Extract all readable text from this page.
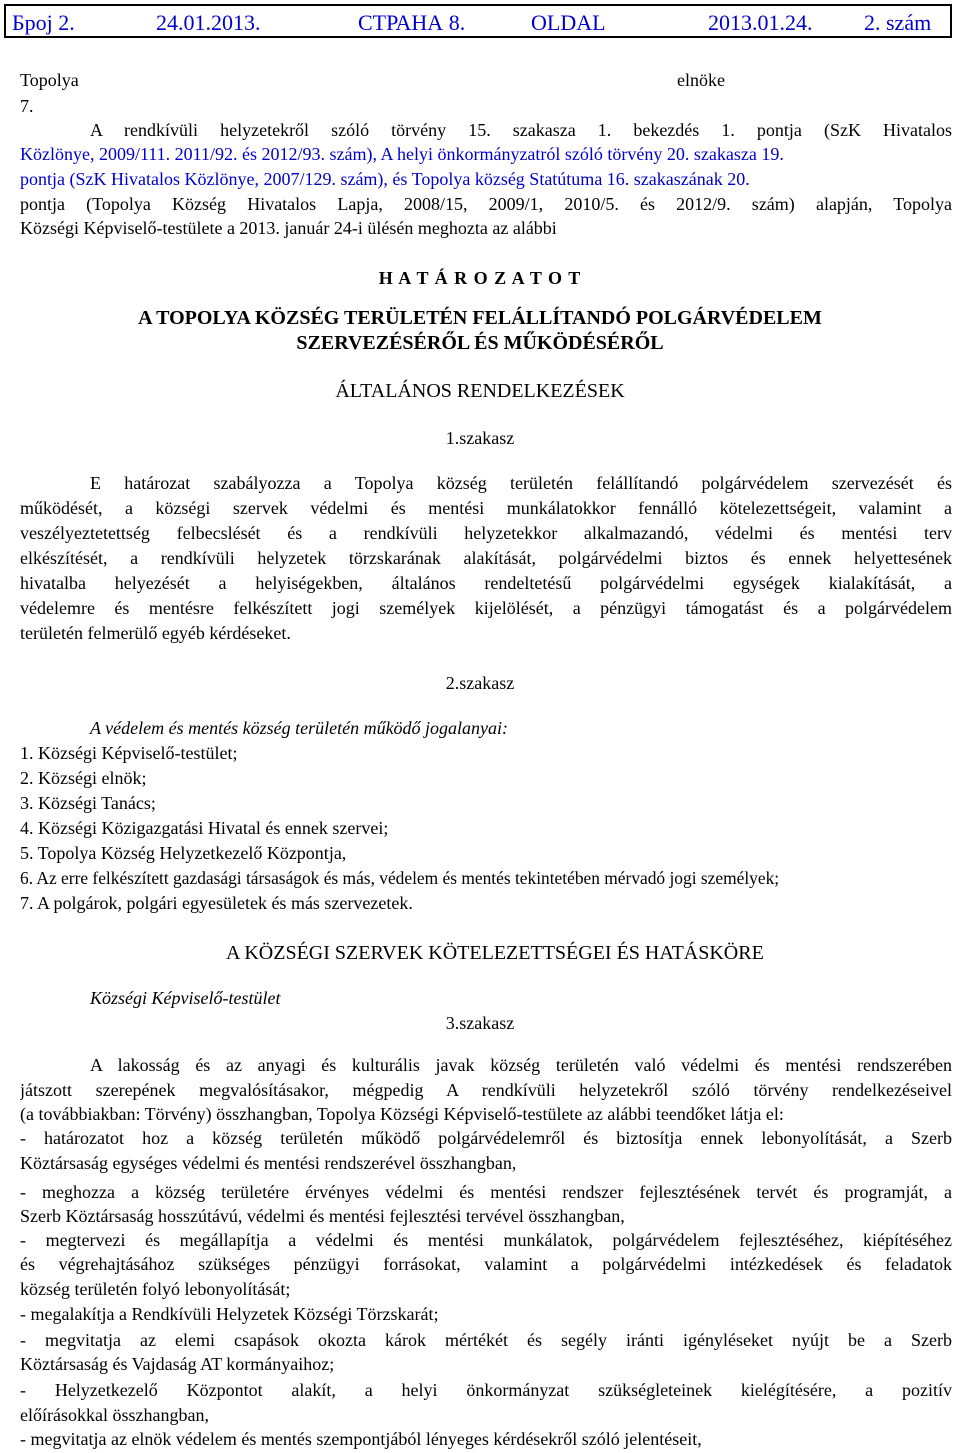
Број 2.	24.01.2013.	СТРАНА 8.	OLDAL	2013.01.24. 2. szám
Topolya	elnöke
7.
A rendkívüli helyzetekről szóló törvény 15. szakasza 1. bekezdés 1. pontja (SzK Hivatalos
Közlönye, 2009/111. 2011/92. és 2012/93. szám), A helyi önkormányzatról szóló törvény 20. szakasza 19.
pontja (SzK Hivatalos Közlönye, 2007/129. szám), és Topolya község Statútuma 16. szakaszának 20.
pontja (Topolya Község Hivatalos Lapja, 2008/15, 2009/1, 2010/5. és 2012/9. szám) alapján, Topolya
Községi Képviselő-testülete a 2013. január 24-i ülésén meghozta az alábbi
H A T Á R O Z A T O T
A TOPOLYA KÖZSÉG TERÜLETÉN FELÁLLÍTANDÓ POLGÁRVÉDELEM
SZERVEZÉSÉRŐL ÉS MŰKÖDÉSÉRŐL
ÁLTALÁNOS RENDELKEZÉSEK
1.szakasz
E határozat szabályozza a Topolya község területén felállítandó polgárvédelem szervezését és
működését, a községi szervek védelmi és mentési munkálatokkor fennálló kötelezettségeit, valamint a
veszélyeztetettség felbecslését és a rendkívüli helyzetekkor alkalmazandó, védelmi és mentési terv
elkészítését, a rendkívüli helyzetek törzskarának alakítását, polgárvédelmi biztos és ennek helyettesének
hivatalba helyezését a helyiségekben, általános rendeltetésű polgárvédelmi egységek kialakítását, a
védelemre és mentésre felkészített jogi személyek kijelölését, a pénzügyi támogatást és a polgárvédelem
területén felmerülő egyéb kérdéseket.
2.szakasz
A védelem és mentés község területén működő jogalanyai:
1. Községi Képviselő-testület;
2. Községi elnök;
3. Községi Tanács;
4. Községi Közigazgatási Hivatal és ennek szervei;
5. Topolya Község Helyzetkezelő Központja,
6. Az erre felkészített gazdasági társaságok és más, védelem és mentés tekintetében mérvadó jogi személyek;
7. A polgárok, polgári egyesületek és más szervezetek.
A KÖZSÉGI SZERVEK KÖTELEZETTSÉGEI ÉS HATÁSKÖRE
Községi Képviselő-testület
3.szakasz
A lakosság és az anyagi és kulturális javak község területén való védelmi és mentési rendszerében
játszott szerepének megvalósításakor, mégpedig A rendkívüli helyzetekről szóló törvény rendelkezéseivel
(a továbbiakban: Törvény) összhangban, Topolya Községi Képviselő-testülete az alábbi teendőket látja el:
- határozatot hoz a község területén működő polgárvédelemről és biztosítja ennek lebonyolítását, a Szerb
Köztársaság egységes védelmi és mentési rendszerével összhangban,
- meghozza a község területére érvényes védelmi és mentési rendszer fejlesztésének tervét és programját, a
Szerb Köztársaság hosszútávú, védelmi és mentési fejlesztési tervével összhangban,
- megtervezi és megállapítja a védelmi és mentési munkálatok, polgárvédelem fejlesztéséhez, kiépítéséhez
és végrehajtásához szükséges pénzügyi forrásokat, valamint a polgárvédelmi intézkedések és feladatok
község területén folyó lebonyolítását;
- megalakítja a Rendkívüli Helyzetek Községi Törzskarát;
- megvitatja az elemi csapások okozta károk mértékét és segély iránti igényléseket nyújt be a Szerb
Köztársaság és Vajdaság AT kormányaihoz;
- Helyzetkezelő Központot alakít, a helyi önkormányzat szükségleteinek kielégítésére, a pozitív
előírásokkal összhangban,
- megvitatja az elnök védelem és mentés szempontjából lényeges kérdésekről szóló jelentéseit,
